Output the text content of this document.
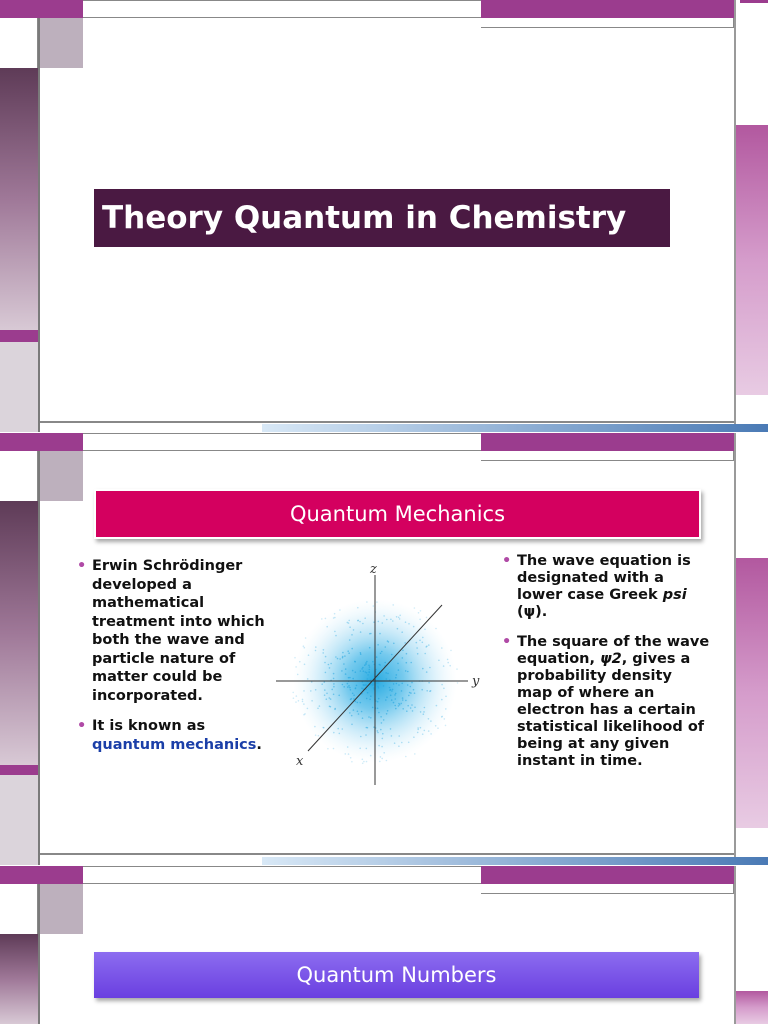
Theory Quantum in Chemistry
Quantum Mechanics
• Erwin Schrödinger developed a mathematical treatment into which both the wave and particle nature of matter could be incorporated.
• It is known as quantum mechanics.
z
y
x
• The wave equation is designated with a lower case Greek psi (ψ).
• The square of the wave equation, ψ2, gives a probability density map of where an electron has a certain statistical likelihood of being at any given instant in time.
Quantum Numbers
